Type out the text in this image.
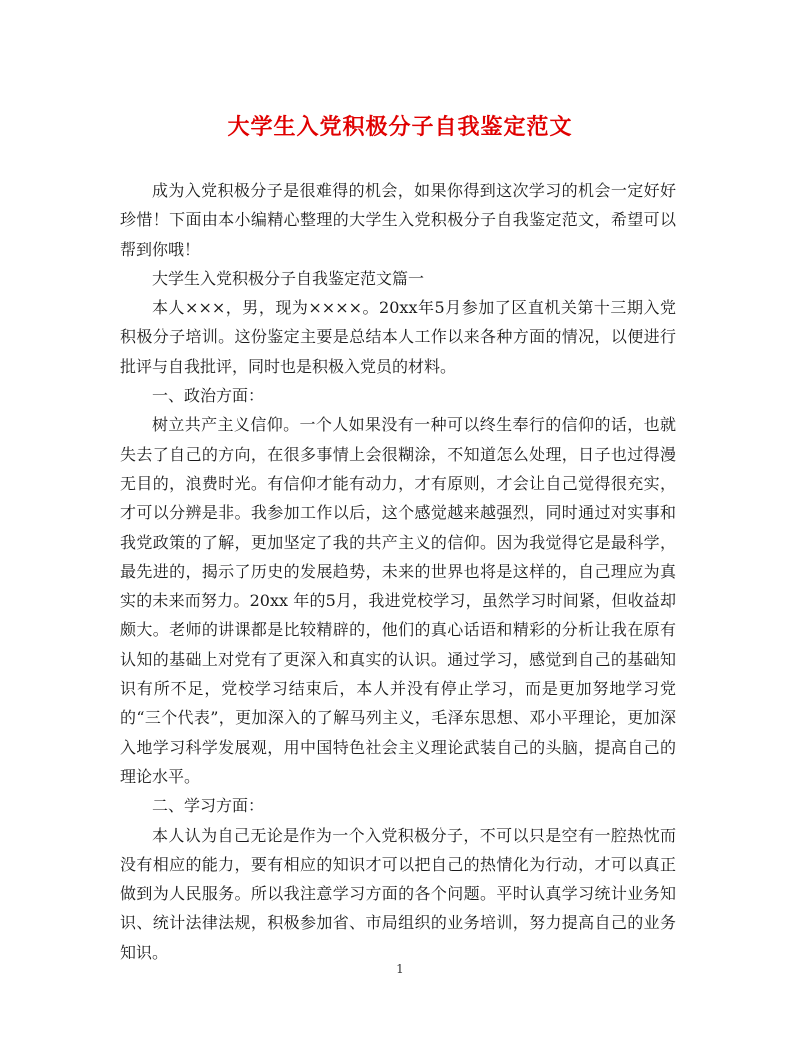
大学生入党积极分子自我鉴定范文

成为入党积极分子是很难得的机会，如果你得到这次学习的机会一定好好珍惜！下面由本小编精心整理的大学生入党积极分子自我鉴定范文，希望可以帮到你哦！

大学生入党积极分子自我鉴定范文篇一

本人×××，男，现为××××。20xx年5月参加了区直机关第十三期入党积极分子培训。这份鉴定主要是总结本人工作以来各种方面的情况，以便进行批评与自我批评，同时也是积极入党员的材料。

一、政治方面：

树立共产主义信仰。一个人如果没有一种可以终生奉行的信仰的话，也就失去了自己的方向，在很多事情上会很糊涂，不知道怎么处理，日子也过得漫无目的，浪费时光。有信仰才能有动力，才有原则，才会让自己觉得很充实，才可以分辨是非。我参加工作以后，这个感觉越来越强烈，同时通过对实事和我党政策的了解，更加坚定了我的共产主义的信仰。因为我觉得它是最科学，最先进的，揭示了历史的发展趋势，未来的世界也将是这样的，自己理应为真实的未来而努力。20xx 年的5月，我进党校学习，虽然学习时间紧，但收益却颇大。老师的讲课都是比较精辟的，他们的真心话语和精彩的分析让我在原有认知的基础上对党有了更深入和真实的认识。通过学习，感觉到自己的基础知识有所不足，党校学习结束后，本人并没有停止学习，而是更加努地学习党的“三个代表”，更加深入的了解马列主义，毛泽东思想、邓小平理论，更加深入地学习科学发展观，用中国特色社会主义理论武装自己的头脑，提高自己的理论水平。

二、学习方面：

本人认为自己无论是作为一个入党积极分子，不可以只是空有一腔热忱而没有相应的能力，要有相应的知识才可以把自己的热情化为行动，才可以真正做到为人民服务。所以我注意学习方面的各个问题。平时认真学习统计业务知识、统计法律法规，积极参加省、市局组织的业务培训，努力提高自己的业务知识。

1
